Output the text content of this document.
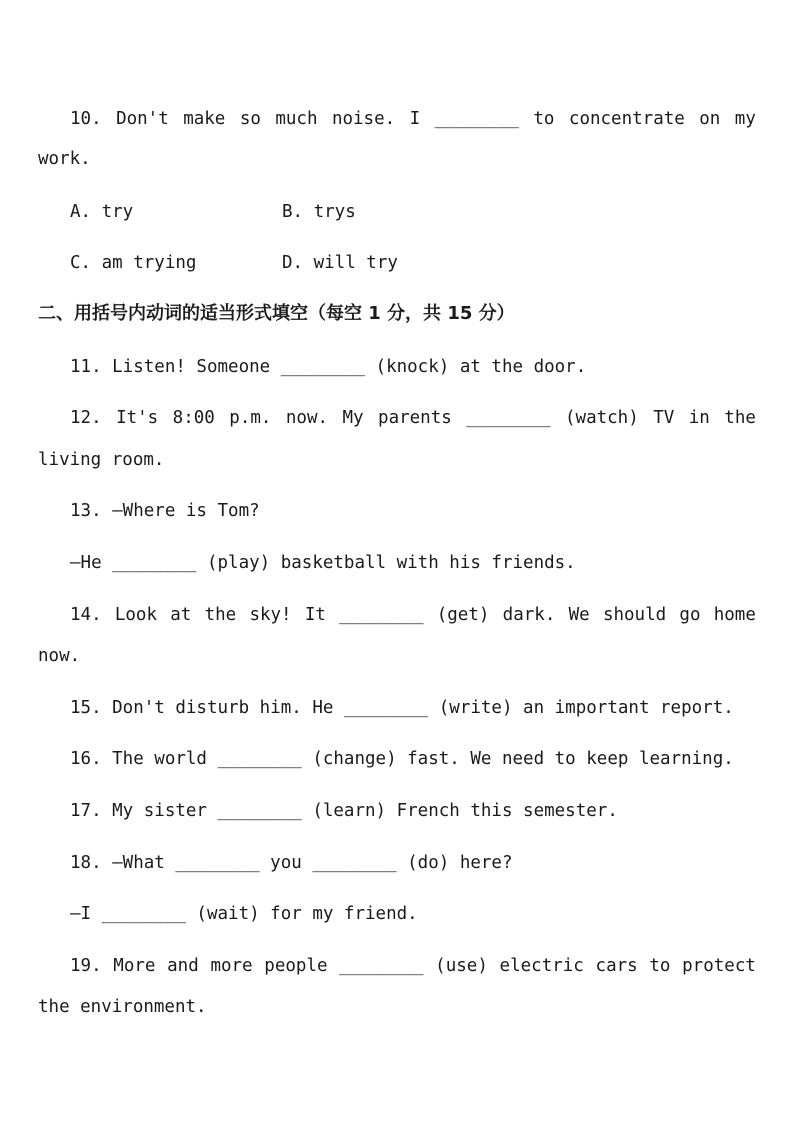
10. Don't make so much noise. I ________ to concentrate on my
work.
A. try	B. trys
C. am trying	D. will try
二、用括号内动词的适当形式填空（每空 1 分，共 15 分）
11. Listen! Someone ________ (knock) at the door.
12. It's 8:00 p.m. now. My parents ________ (watch) TV in the
living room.
13. —Where is Tom?
—He ________ (play) basketball with his friends.
14. Look at the sky! It ________ (get) dark. We should go home
now.
15. Don't disturb him. He ________ (write) an important report.
16. The world ________ (change) fast. We need to keep learning.
17. My sister ________ (learn) French this semester.
18. —What ________ you ________ (do) here?
—I ________ (wait) for my friend.
19. More and more people ________ (use) electric cars to protect
the environment.
